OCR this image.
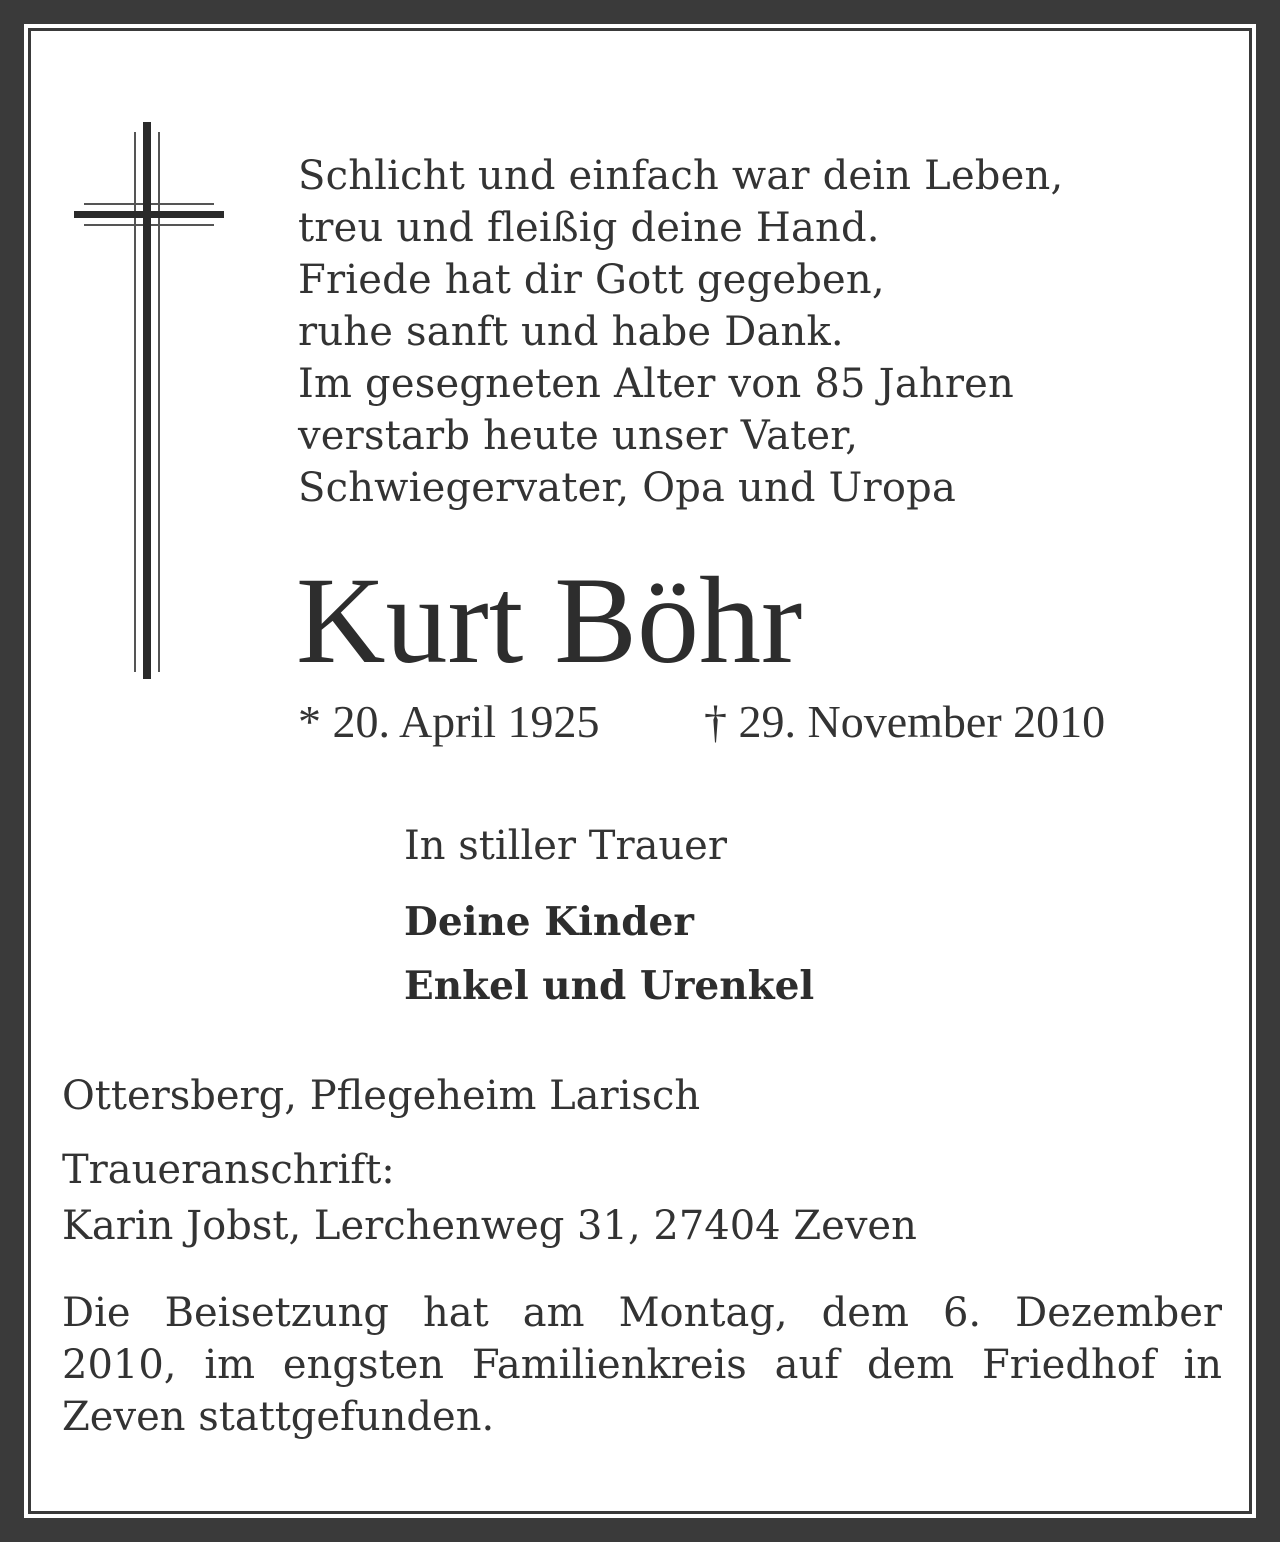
Schlicht und einfach war dein Leben,
treu und fleißig deine Hand.
Friede hat dir Gott gegeben,
ruhe sanft und habe Dank.
Im gesegneten Alter von 85 Jahren
verstarb heute unser Vater,
Schwiegervater, Opa und Uropa
Kurt Böhr
* 20. April 1925 † 29. November 2010
In stiller Trauer
Deine Kinder
Enkel und Urenkel
Ottersberg, Pflegeheim Larisch
Traueranschrift:
Karin Jobst, Lerchenweg 31, 27404 Zeven
Die Beisetzung hat am Montag, dem 6. Dezember
2010, im engsten Familienkreis auf dem Friedhof in
Zeven stattgefunden.
